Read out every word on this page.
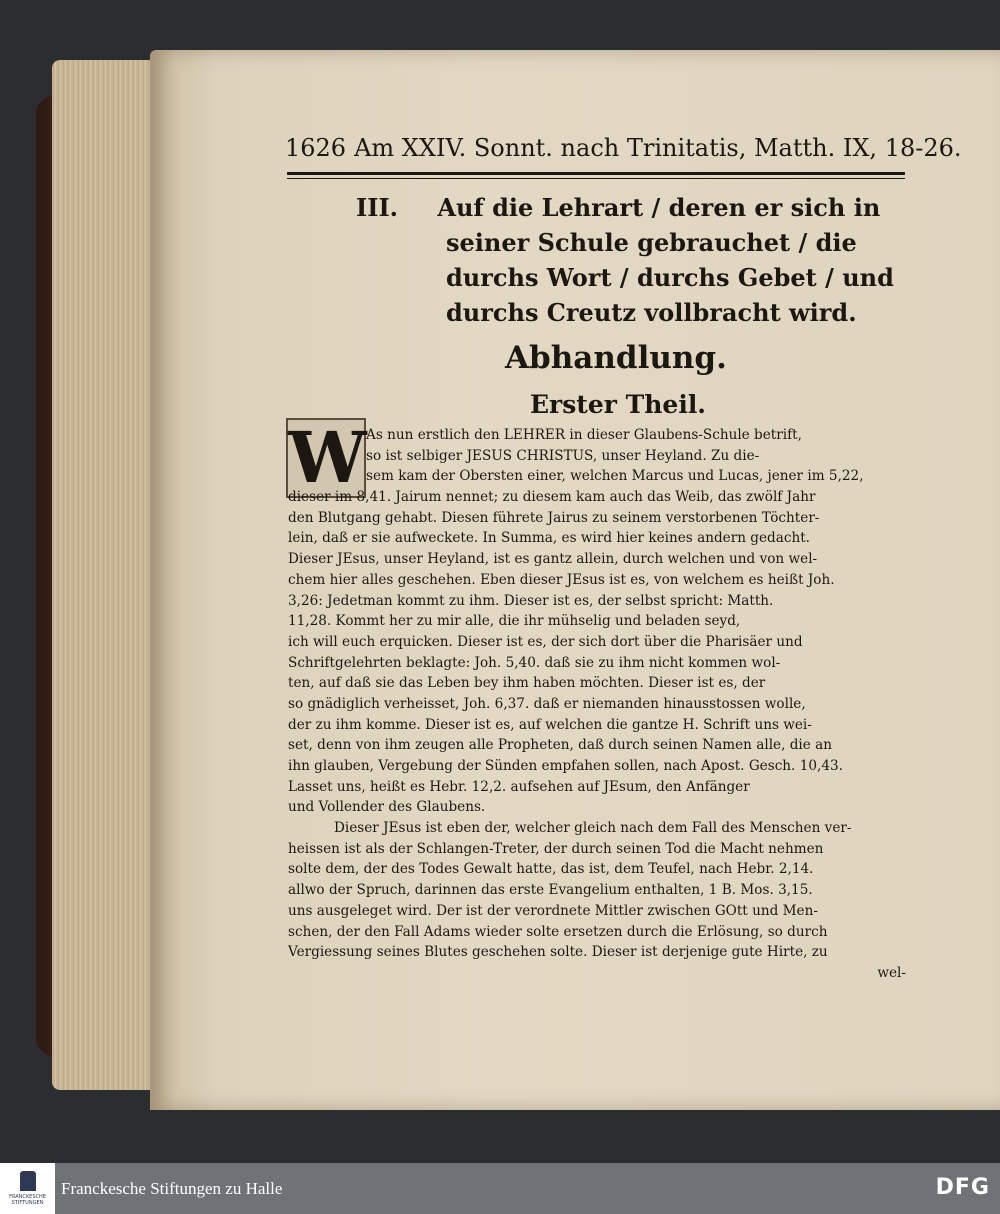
1626 Am XXIV. Sonnt. nach Trinitatis, Matth. IX, 18-26.
III. Auf die Lehrart / deren er sich in seiner Schule gebrauchet / die durchs Wort / durchs Gebet / und durchs Creutz vollbracht wird.
Abhandlung.
Erster Theil.
W As nun erstlich den LEHRER in dieser Glaubens-Schule betrift,
so ist selbiger JESUS CHRISTUS, unser Heyland. Zu die-
sem kam der Obersten einer, welchen Marcus und Lucas, jener im 5,22,
dieser im 8,41. Jairum nennet; zu diesem kam auch das Weib, das zwölf Jahr
den Blutgang gehabt. Diesen führete Jairus zu seinem verstorbenen Töchter-
lein, daß er sie aufweckete. In Summa, es wird hier keines andern gedacht.
Dieser JEsus, unser Heyland, ist es gantz allein, durch welchen und von wel-
chem hier alles geschehen. Eben dieser JEsus ist es, von welchem es heißt Joh.
3,26: Jedetman kommt zu ihm. Dieser ist es, der selbst spricht: Matth.
11,28. Kommt her zu mir alle, die ihr mühselig und beladen seyd,
ich will euch erquicken. Dieser ist es, der sich dort über die Pharisäer und
Schriftgelehrten beklagte: Joh. 5,40. daß sie zu ihm nicht kommen wol-
ten, auf daß sie das Leben bey ihm haben möchten. Dieser ist es, der
so gnädiglich verheisset, Joh. 6,37. daß er niemanden hinausstossen wolle,
der zu ihm komme. Dieser ist es, auf welchen die gantze H. Schrift uns wei-
set, denn von ihm zeugen alle Propheten, daß durch seinen Namen alle, die an
ihn glauben, Vergebung der Sünden empfahen sollen, nach Apost. Gesch. 10,43.
Lasset uns, heißt es Hebr. 12,2. aufsehen auf JEsum, den Anfänger
und Vollender des Glaubens.
Dieser JEsus ist eben der, welcher gleich nach dem Fall des Menschen ver-
heissen ist als der Schlangen-Treter, der durch seinen Tod die Macht nehmen
solte dem, der des Todes Gewalt hatte, das ist, dem Teufel, nach Hebr. 2,14.
allwo der Spruch, darinnen das erste Evangelium enthalten, 1 B. Mos. 3,15.
uns ausgeleget wird. Der ist der verordnete Mittler zwischen GOtt und Men-
schen, der den Fall Adams wieder solte ersetzen durch die Erlösung, so durch
Vergiessung seines Blutes geschehen solte. Dieser ist derjenige gute Hirte, zu
wel-
FRANCKESCHE STIFTUNGEN
Franckesche Stiftungen zu Halle	DFG
